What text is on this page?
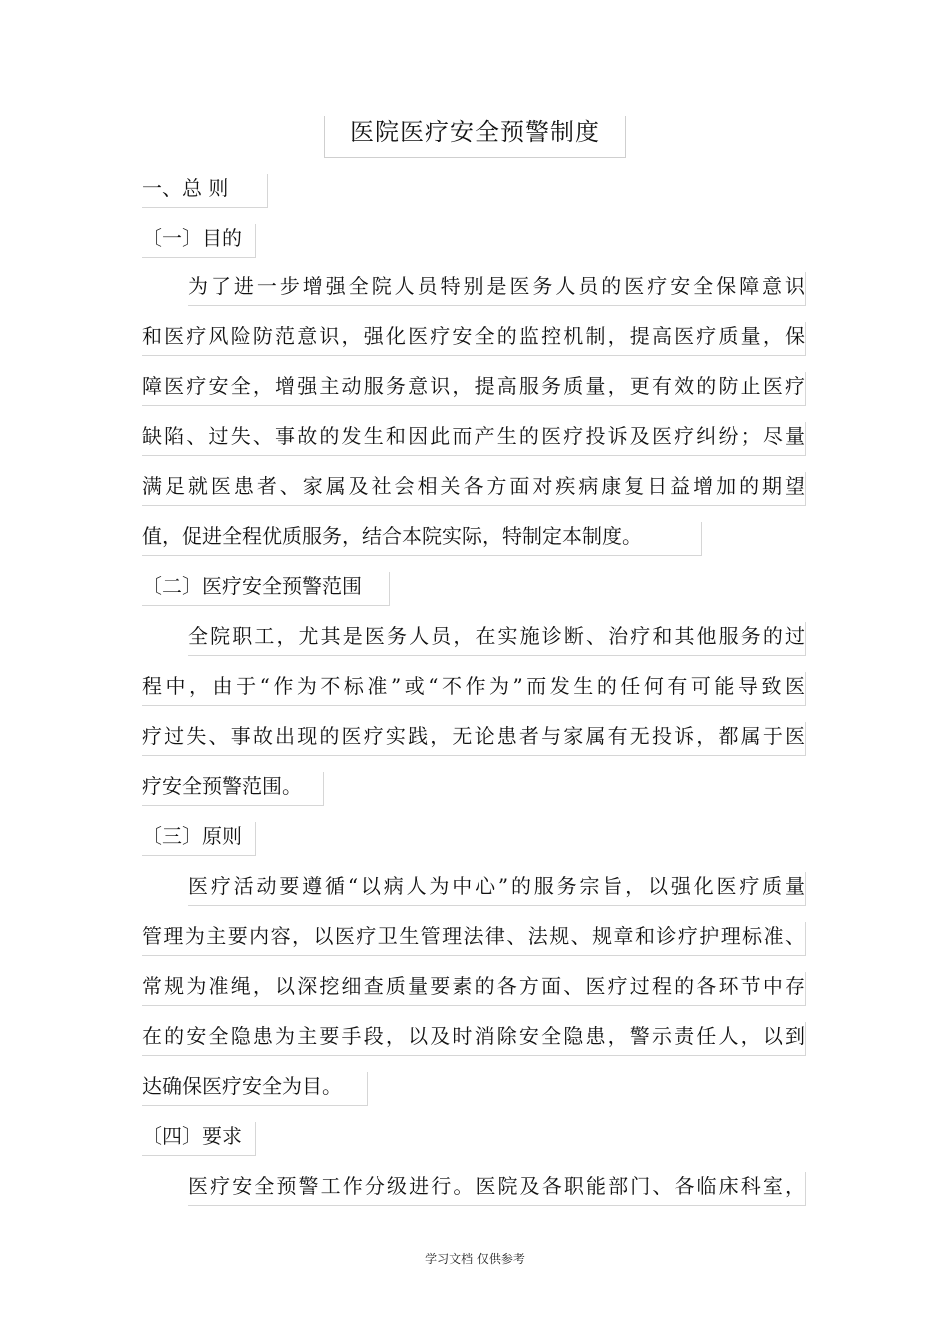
医院医疗安全预警制度
一、总 则
〔一〕目的
为了进一步增强全院人员特别是医务人员的医疗安全保障意识
和医疗风险防范意识，强化医疗安全的监控机制，提高医疗质量，保
障医疗安全，增强主动服务意识，提高服务质量，更有效的防止医疗
缺陷、过失、事故的发生和因此而产生的医疗投诉及医疗纠纷；尽量
满足就医患者、家属及社会相关各方面对疾病康复日益增加的期望
值，促进全程优质服务，结合本院实际，特制定本制度。
〔二〕医疗安全预警范围
全院职工，尤其是医务人员，在实施诊断、治疗和其他服务的过
程中，由于“作为不标准”或“不作为”而发生的任何有可能导致医
疗过失、事故出现的医疗实践，无论患者与家属有无投诉，都属于医
疗安全预警范围。
〔三〕原则
医疗活动要遵循“以病人为中心”的服务宗旨，以强化医疗质量
管理为主要内容，以医疗卫生管理法律、法规、规章和诊疗护理标准、
常规为准绳，以深挖细查质量要素的各方面、医疗过程的各环节中存
在的安全隐患为主要手段，以及时消除安全隐患，警示责任人，以到
达确保医疗安全为目。
〔四〕要求
医疗安全预警工作分级进行。医院及各职能部门、各临床科室，
学习文档 仅供参考
